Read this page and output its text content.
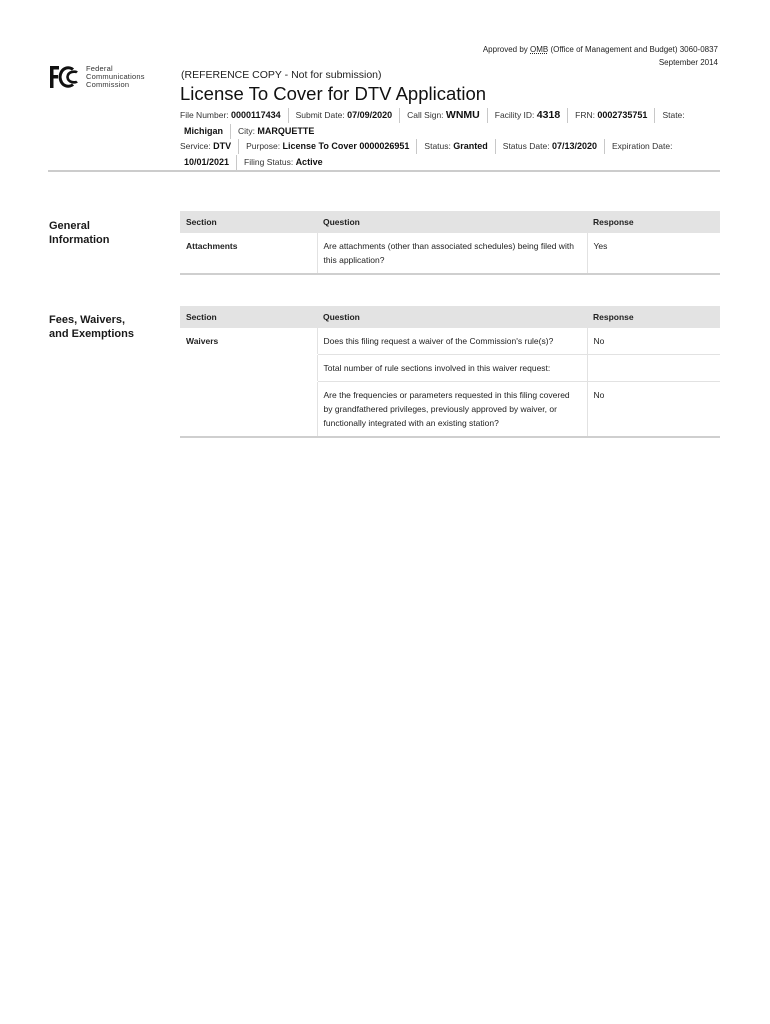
Approved by OMB (Office of Management and Budget) 3060-0837
September 2014
Federal
Communications
Commission
(REFERENCE COPY - Not for submission)
License To Cover for DTV Application
File Number: 0000117434 Submit Date: 07/09/2020 Call Sign: WNMU Facility ID: 4318 FRN: 0002735751 State:
Michigan City: MARQUETTE
Service: DTV Purpose: License To Cover 0000026951 Status: Granted Status Date: 07/13/2020 Expiration Date:
10/01/2021 Filing Status: Active
General
Information
Section	Question	Response
Attachments	Are attachments (other than associated schedules) being filed with this application?	Yes
Fees, Waivers,
and Exemptions
Section	Question	Response
Waivers	Does this filing request a waiver of the Commission's rule(s)?	No
	Total number of rule sections involved in this waiver request:	
	Are the frequencies or parameters requested in this filing covered by grandfathered privileges, previously approved by waiver, or functionally integrated with an existing station?	No
